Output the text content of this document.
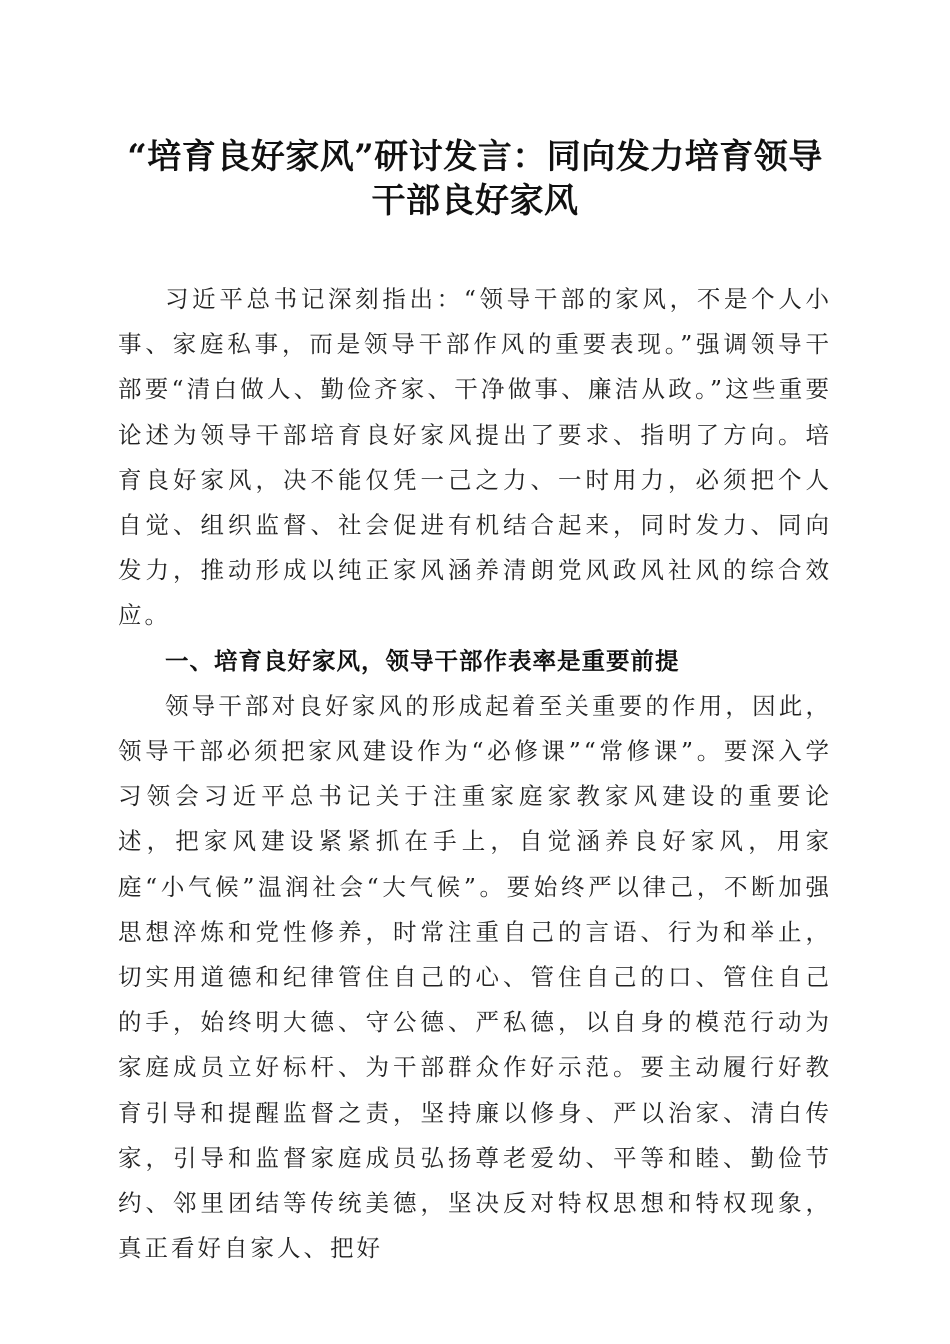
“培育良好家风”研讨发言：同向发力培育领导干部良好家风

习近平总书记深刻指出：“领导干部的家风，不是个人小事、家庭私事，而是领导干部作风的重要表现。”强调领导干部要“清白做人、勤俭齐家、干净做事、廉洁从政。”这些重要论述为领导干部培育良好家风提出了要求、指明了方向。培育良好家风，决不能仅凭一己之力、一时用力，必须把个人自觉、组织监督、社会促进有机结合起来，同时发力、同向发力，推动形成以纯正家风涵养清朗党风政风社风的综合效应。

一、培育良好家风，领导干部作表率是重要前提

领导干部对良好家风的形成起着至关重要的作用，因此，领导干部必须把家风建设作为“必修课”“常修课”。要深入学习领会习近平总书记关于注重家庭家教家风建设的重要论述，把家风建设紧紧抓在手上，自觉涵养良好家风，用家庭“小气候”温润社会“大气候”。要始终严以律己，不断加强思想淬炼和党性修养，时常注重自己的言语、行为和举止，切实用道德和纪律管住自己的心、管住自己的口、管住自己的手，始终明大德、守公德、严私德，以自身的模范行动为家庭成员立好标杆、为干部群众作好示范。要主动履行好教育引导和提醒监督之责，坚持廉以修身、严以治家、清白传家，引导和监督家庭成员弘扬尊老爱幼、平等和睦、勤俭节约、邻里团结等传统美德，坚决反对特权思想和特权现象，真正看好自家人、把好
